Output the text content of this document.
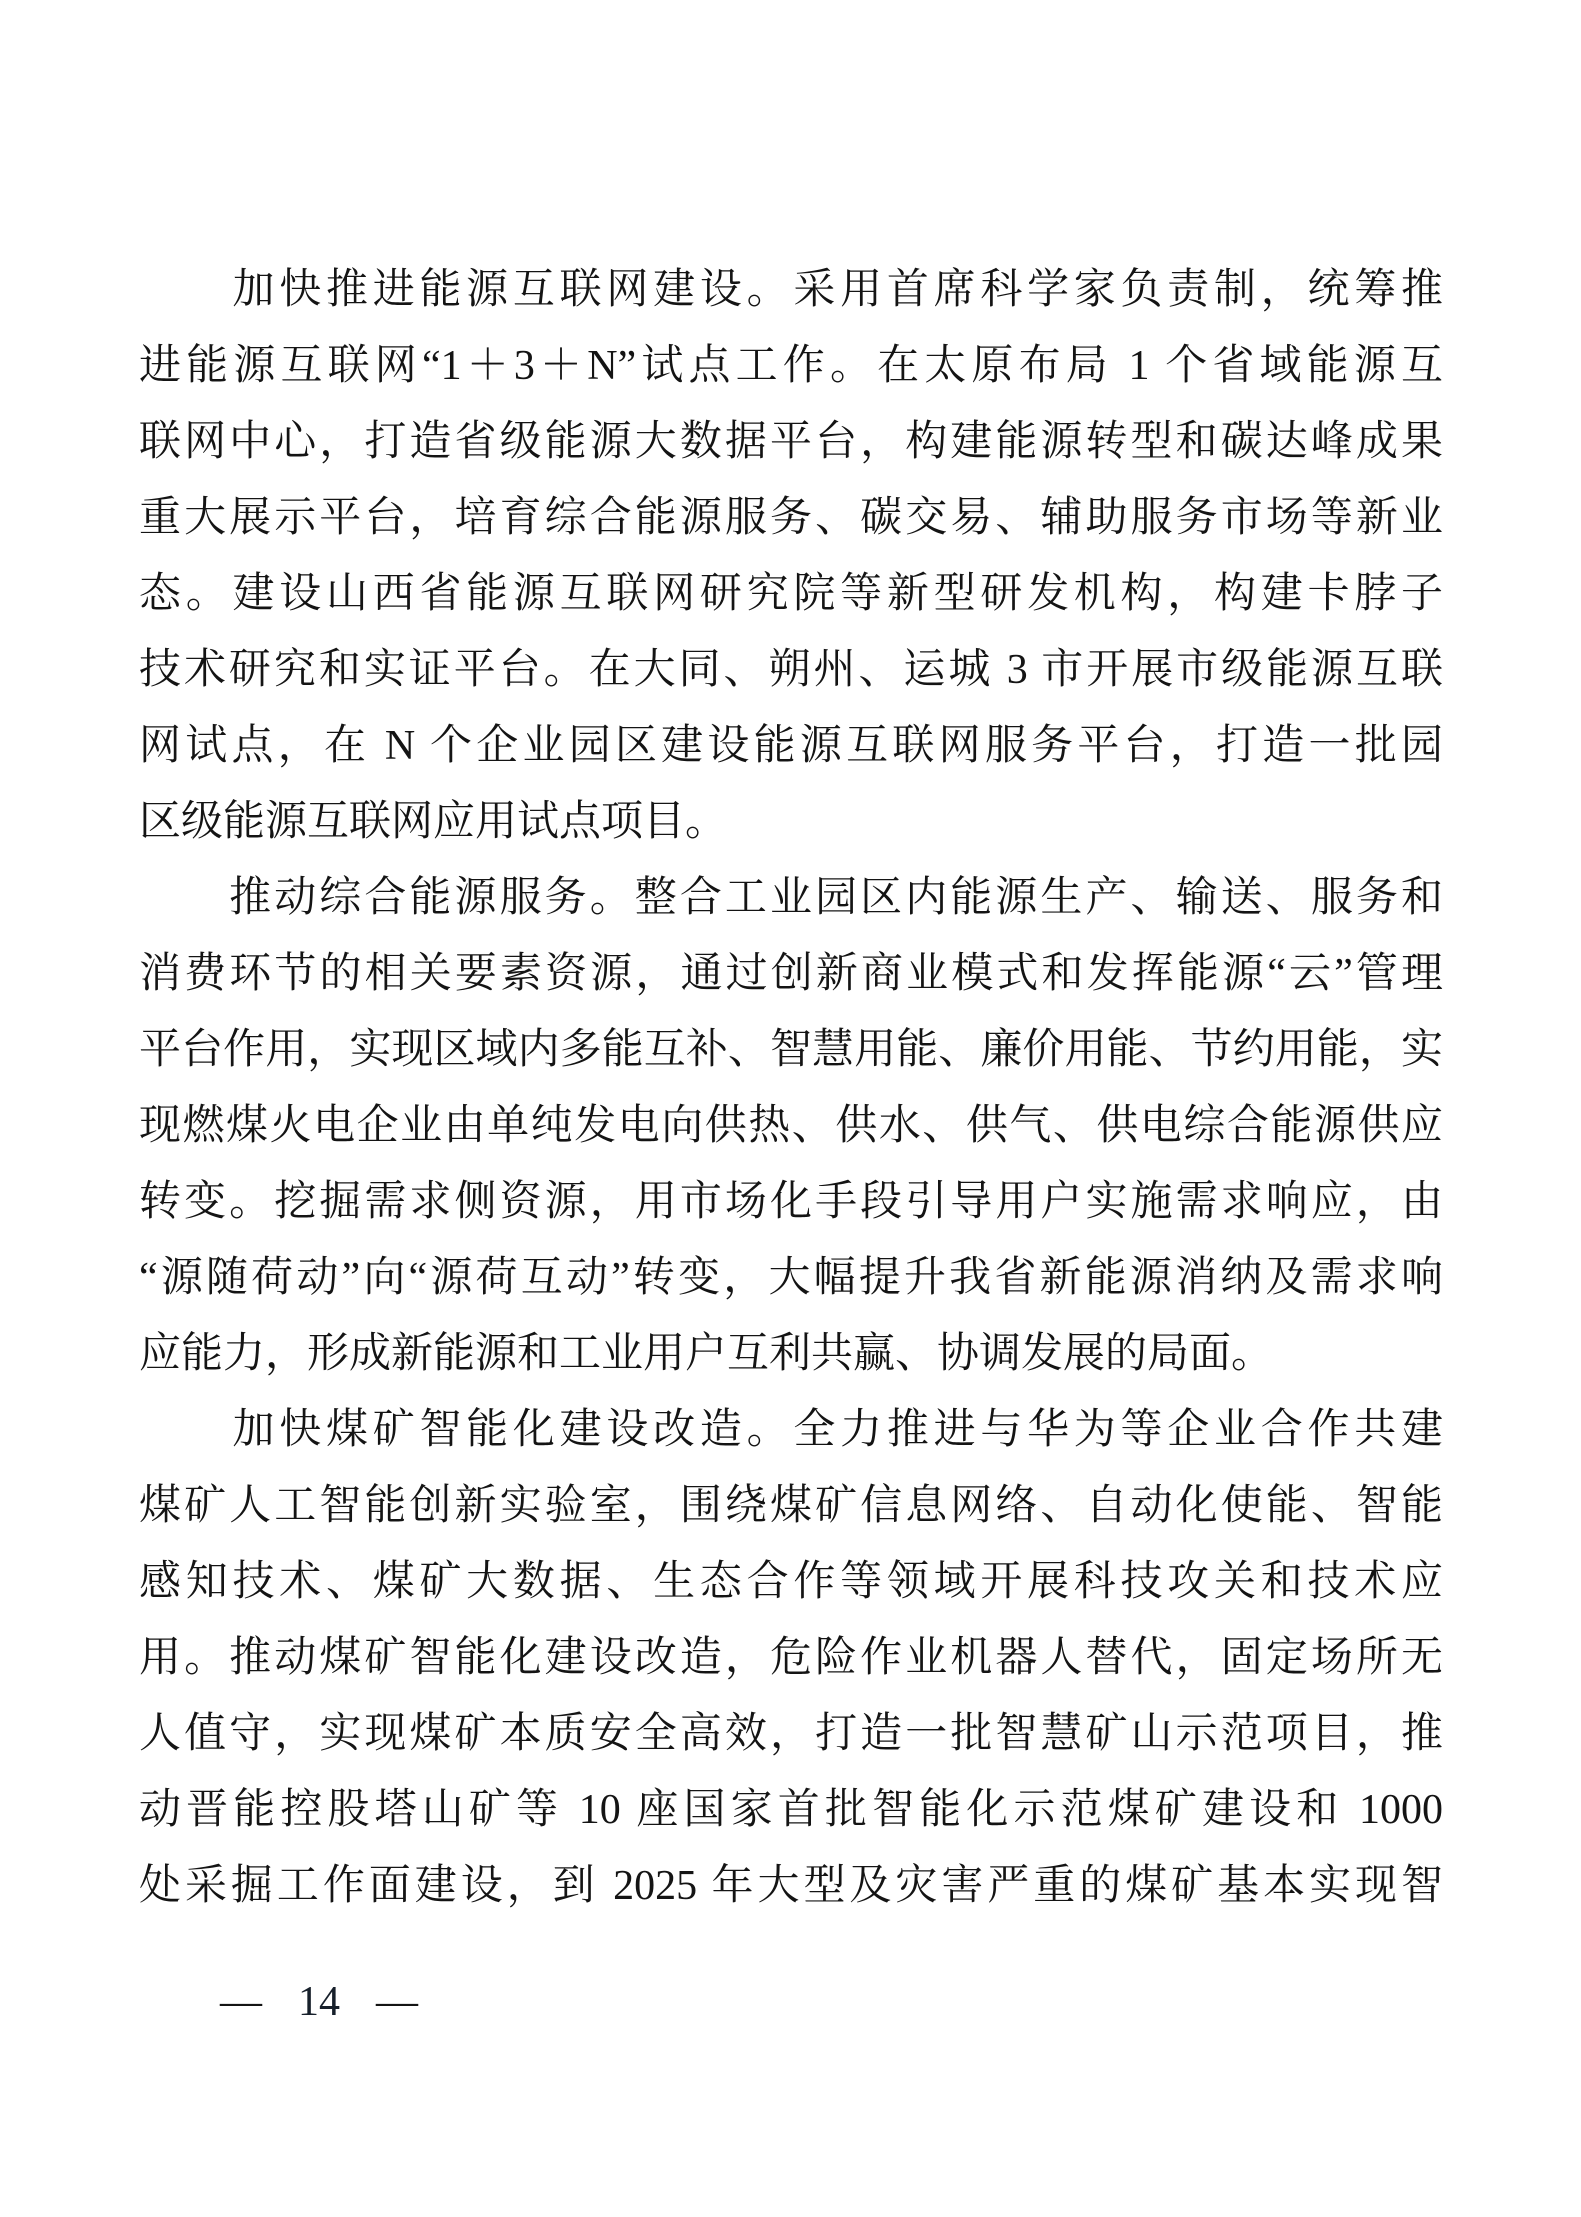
　　加快推进能源互联网建设。采用首席科学家负责制，统筹推
进能源互联网“1＋3＋N”试点工作。在太原布局 1 个省域能源互
联网中心，打造省级能源大数据平台，构建能源转型和碳达峰成果
重大展示平台，培育综合能源服务、碳交易、辅助服务市场等新业
态。建设山西省能源互联网研究院等新型研发机构，构建卡脖子
技术研究和实证平台。在大同、朔州、运城 3 市开展市级能源互联
网试点，在 N 个企业园区建设能源互联网服务平台，打造一批园
区级能源互联网应用试点项目。
　　推动综合能源服务。整合工业园区内能源生产、输送、服务和
消费环节的相关要素资源，通过创新商业模式和发挥能源“云”管理
平台作用，实现区域内多能互补、智慧用能、廉价用能、节约用能，实
现燃煤火电企业由单纯发电向供热、供水、供气、供电综合能源供应
转变。挖掘需求侧资源，用市场化手段引导用户实施需求响应，由
“源随荷动”向“源荷互动”转变，大幅提升我省新能源消纳及需求响
应能力，形成新能源和工业用户互利共赢、协调发展的局面。
　　加快煤矿智能化建设改造。全力推进与华为等企业合作共建
煤矿人工智能创新实验室，围绕煤矿信息网络、自动化使能、智能
感知技术、煤矿大数据、生态合作等领域开展科技攻关和技术应
用。推动煤矿智能化建设改造，危险作业机器人替代，固定场所无
人值守，实现煤矿本质安全高效，打造一批智慧矿山示范项目，推
动晋能控股塔山矿等 10 座国家首批智能化示范煤矿建设和 1000
处采掘工作面建设，到 2025 年大型及灾害严重的煤矿基本实现智
— 14 —
